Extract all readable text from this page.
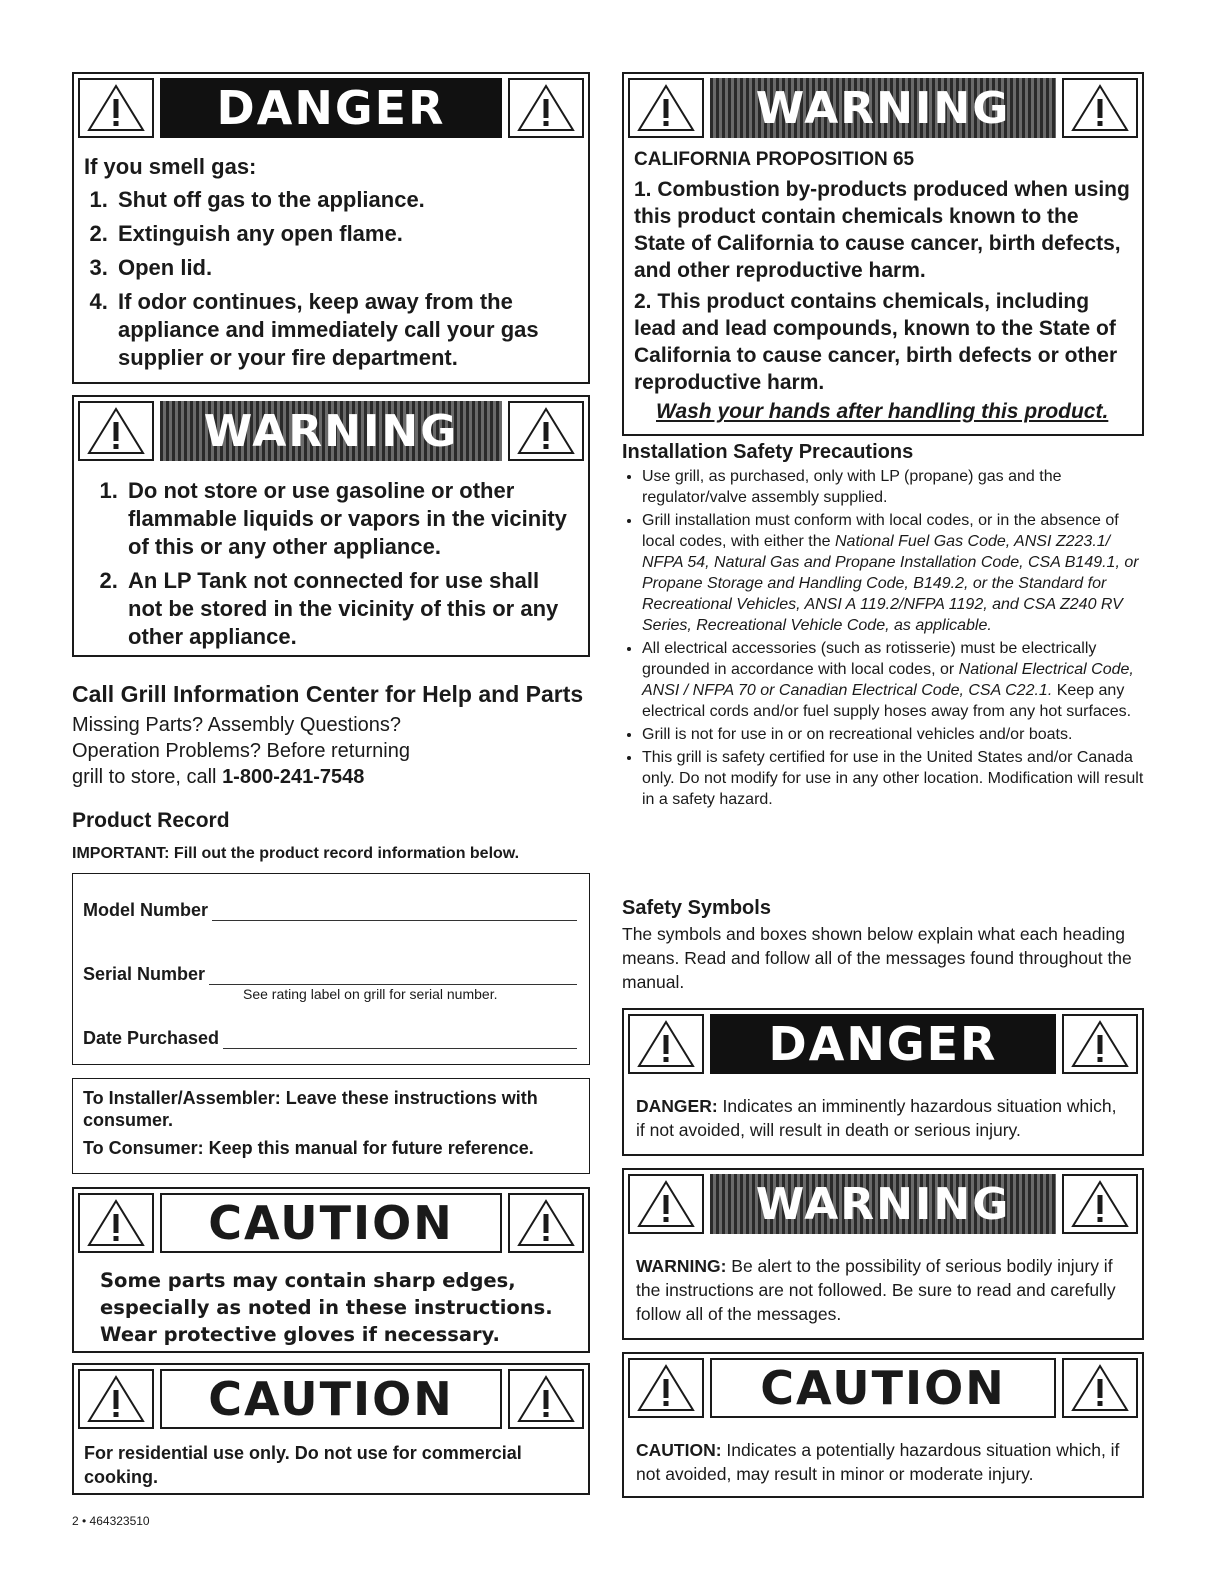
DANGER

If you smell gas:

1. Shut off gas to the appliance.
2. Extinguish any open flame.
3. Open lid.
4. If odor continues, keep away from the appliance and immediately call your gas supplier or your fire department.
WARNING
1. Do not store or use gasoline or other flammable liquids or vapors in the vicinity of this or any other appliance.
2. An LP Tank not connected for use shall not be stored in the vicinity of this or any other appliance.

Call Grill Information Center for Help and Parts

Missing Parts? Assembly Questions?

Operation Problems? Before returning

grill to store, call 1-800-241-7548

Product Record

IMPORTANT: Fill out the product record information below.

Model Number
Serial Number

See rating label on grill for serial number.

Date Purchased

To Installer/Assembler: Leave these instructions with consumer.

To Consumer: Keep this manual for future reference.

CAUTION

Some parts may contain sharp edges, especially as noted in these instructions. Wear protective gloves if necessary.

CAUTION

For residential use only. Do not use for commercial cooking.

2 • 464323510

WARNING

CALIFORNIA PROPOSITION 65

1. Combustion by-products produced when using this product contain chemicals known to the State of California to cause cancer, birth defects, and other reproductive harm.

2. This product contains chemicals, including lead and lead compounds, known to the State of California to cause cancer, birth defects or other reproductive harm.

Wash your hands after handling this product.

Installation Safety Precautions

• Use grill, as purchased, only with LP (propane) gas and the regulator/valve assembly supplied.
• Grill installation must conform with local codes, or in the absence of local codes, with either the National Fuel Gas Code, ANSI Z223.1/ NFPA 54, Natural Gas and Propane Installation Code, CSA B149.1, or Propane Storage and Handling Code, B149.2, or the Standard for Recreational Vehicles, ANSI A 119.2/NFPA 1192, and CSA Z240 RV Series, Recreational Vehicle Code, as applicable.
• All electrical accessories (such as rotisserie) must be electrically grounded in accordance with local codes, or National Electrical Code, ANSI / NFPA 70 or Canadian Electrical Code, CSA C22.1. Keep any electrical cords and/or fuel supply hoses away from any hot surfaces.
• Grill is not for use in or on recreational vehicles and/or boats.
• This grill is safety certified for use in the United States and/or Canada only. Do not modify for use in any other location. Modification will result in a safety hazard.

Safety Symbols

The symbols and boxes shown below explain what each heading means. Read and follow all of the messages found throughout the manual.

DANGER

DANGER: Indicates an imminently hazardous situation which, if not avoided, will result in death or serious injury.

WARNING

WARNING: Be alert to the possibility of serious bodily injury if the instructions are not followed. Be sure to read and carefully follow all of the messages.

CAUTION

CAUTION: Indicates a potentially hazardous situation which, if not avoided, may result in minor or moderate injury.
